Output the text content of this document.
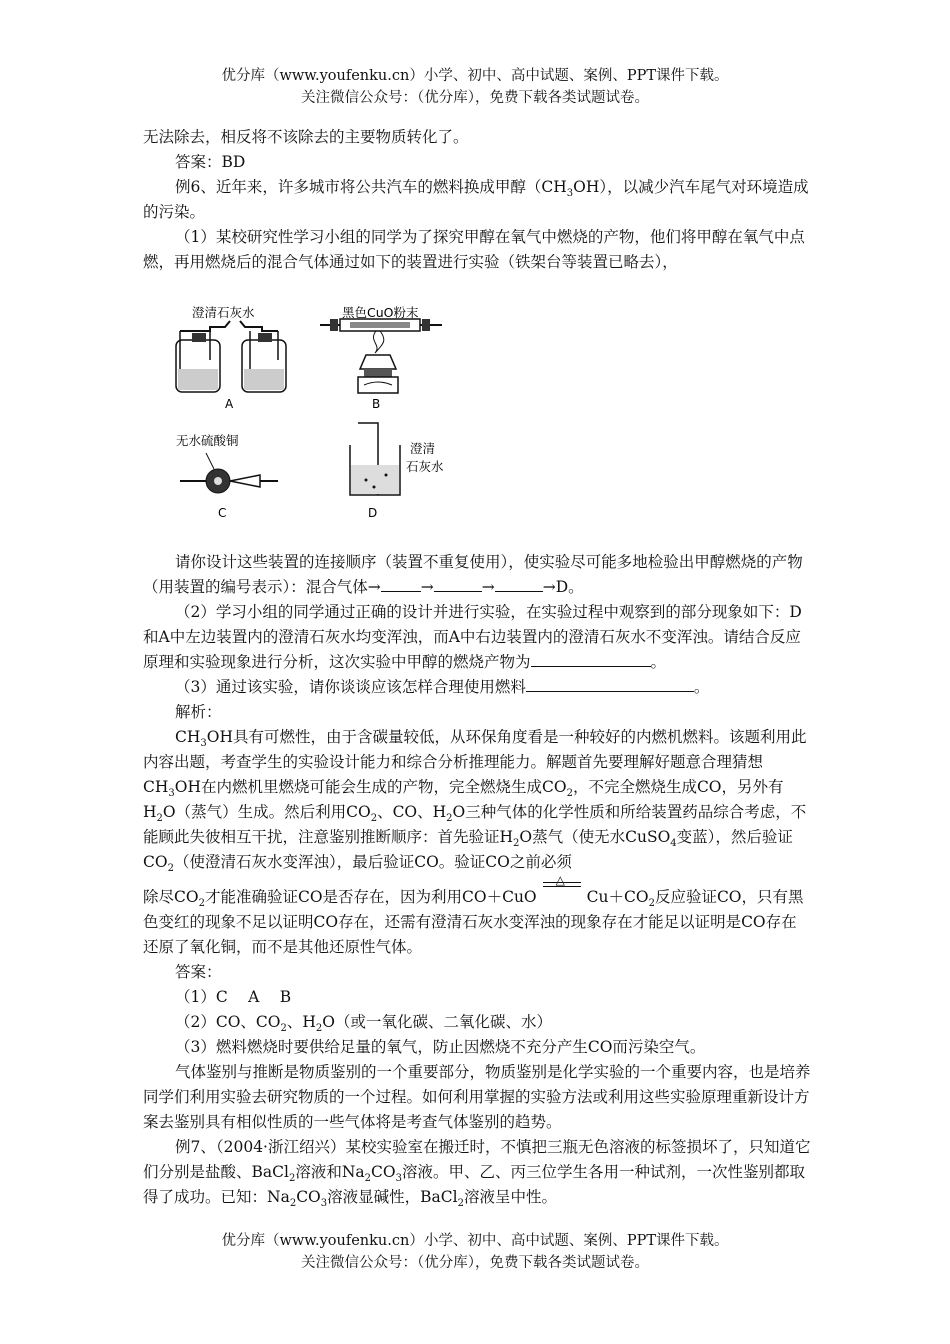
优分库（www.youfenku.cn）小学、初中、高中试题、案例、PPT课件下载。
关注微信公众号：（优分库），免费下载各类试题试卷。

无法除去，相反将不该除去的主要物质转化了。

答案：BD

例6、近年来，许多城市将公共汽车的燃料换成甲醇$(CH_3OH)$，以减少汽车尾气对环境造成的污染。

（1）某校研究性学习小组的同学为了探究甲醇在氧气中燃烧的产物，他们将甲醇在氧气中点燃，再用燃烧后的混合气体通过如下的装置进行实验（铁架台等装置已略去），

澄清石灰水
A
黑色CuO粉末
B
无水硫酸铜
C
澄清
石灰水
D

请你设计这些装置的连接顺序（装置不重复使用），使实验尽可能多地检验出甲醇燃烧的产物（用装置的编号表示）：混合气体→	→	→	→D。

（2）学习小组的同学通过正确的设计并进行实验，在实验过程中观察到的部分现象如下：D和A中左边装置内的澄清石灰水均变浑浊，而A中右边装置内的澄清石灰水不变浑浊。请结合反应原理和实验现象进行分析，这次实验中甲醇的燃烧产物为	。

（3）通过该实验，请你谈谈应该怎样合理使用燃料	。

解析：

$CH_3OH$具有可燃性，由于含碳量较低，从环保角度看是一种较好的内燃机燃料。该题利用此内容出题，考查学生的实验设计能力和综合分析推理能力。解题首先要理解好题意合理猜想$CH_3OH$在内燃机里燃烧可能会生成的产物，完全燃烧生成$CO_2$，不完全燃烧生成CO，另外有$H_2O$（蒸气）生成。然后利用$CO_2$、CO、$H_2O$三种气体的化学性质和所给装置药品综合考虑，不能顾此失彼相互干扰，注意鉴别推断顺序：首先验证$H_2O$蒸气（使无水CuSO$_4$变蓝），然后验证$CO_2$（使澄清石灰水变浑浊），最后验证CO。验证CO之前必须

除尽$CO_2$才能准确验证CO是否存在，因为利用CO＋CuO
△
$Cu+CO_2$反应验证CO，只有黑色变红的现象不足以证明CO存在，还需有澄清石灰水变浑浊的现象存在才能足以证明是CO存在还原了氧化铜，而不是其他还原性气体。

答案：

（1）C　 A　 B

（2）CO、$CO_2$、$H_2O$（或一氧化碳、二氧化碳、水）

（3）燃料燃烧时要供给足量的氧气，防止因燃烧不充分产生CO而污染空气。

气体鉴别与推断是物质鉴别的一个重要部分，物质鉴别是化学实验的一个重要内容，也是培养同学们利用实验去研究物质的一个过程。如何利用掌握的实验方法或利用这些实验原理重新设计方案去鉴别具有相似性质的一些气体将是考查气体鉴别的趋势。

例7、（2004·浙江绍兴）某校实验室在搬迁时，不慎把三瓶无色溶液的标签损坏了，只知道它们分别是盐酸、BaCl$_2$溶液和$Na_2CO_3$溶液。甲、乙、丙三位学生各用一种试剂，一次性鉴别都取得了成功。已知：$Na_2CO_3$溶液显碱性，BaCl$_2$溶液呈中性。

优分库（www.youfenku.cn）小学、初中、高中试题、案例、PPT课件下载。
关注微信公众号：（优分库），免费下载各类试题试卷。
